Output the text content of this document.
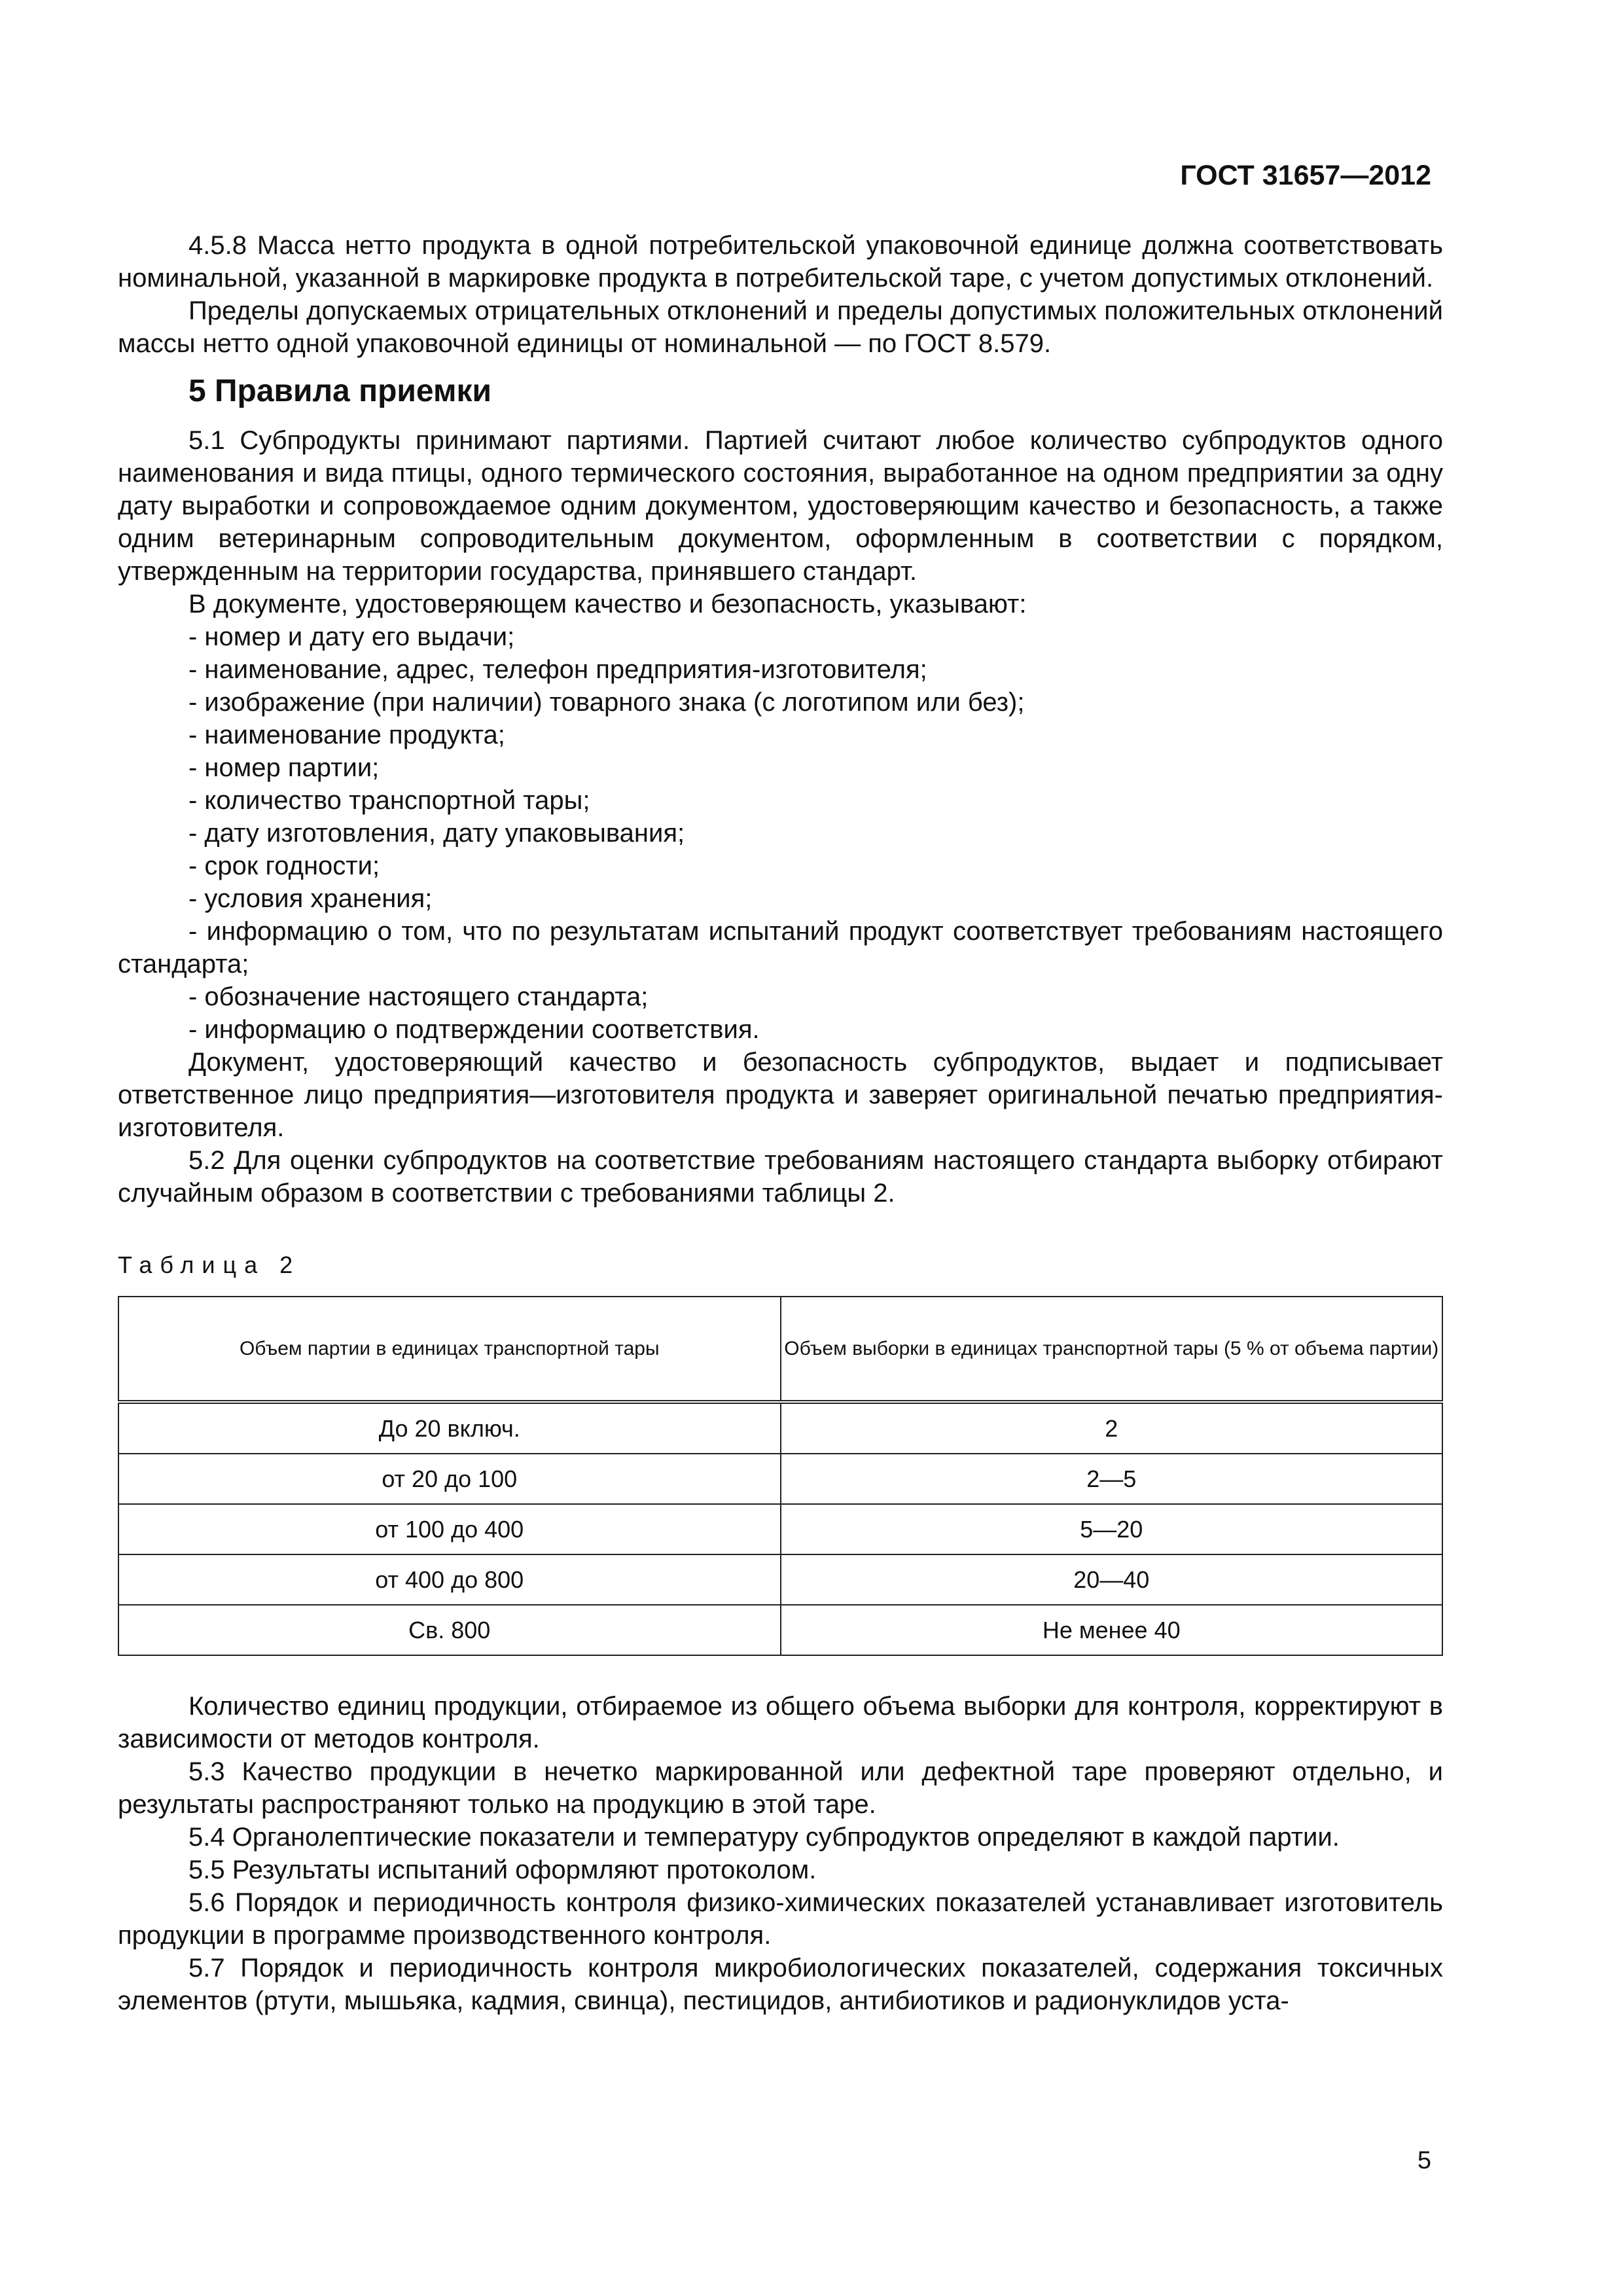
ГОСТ 31657—2012

4.5.8 Масса нетто продукта в одной потребительской упаковочной единице должна соответствовать номинальной, указанной в маркировке продукта в потребительской таре, с учетом допустимых отклонений.

Пределы допускаемых отрицательных отклонений и пределы допустимых положительных отклонений массы нетто одной упаковочной единицы от номинальной — по ГОСТ 8.579.

5 Правила приемки

5.1 Субпродукты принимают партиями. Партией считают любое количество субпродуктов одного наименования и вида птицы, одного термического состояния, выработанное на одном предприятии за одну дату выработки и сопровождаемое одним документом, удостоверяющим качество и безопасность, а также одним ветеринарным сопроводительным документом, оформленным в соответствии с порядком, утвержденным на территории государства, принявшего стандарт.

В документе, удостоверяющем качество и безопасность, указывают:

- номер и дату его выдачи;

- наименование, адрес, телефон предприятия-изготовителя;

- изображение (при наличии) товарного знака (с логотипом или без);

- наименование продукта;

- номер партии;

- количество транспортной тары;

- дату изготовления, дату упаковывания;

- срок годности;

- условия хранения;

- информацию о том, что по результатам испытаний продукт соответствует требованиям настоящего стандарта;

- обозначение настоящего стандарта;

- информацию о подтверждении соответствия.

Документ, удостоверяющий качество и безопасность субпродуктов, выдает и подписывает ответственное лицо предприятия—изготовителя продукта и заверяет оригинальной печатью предприятия-изготовителя.

5.2 Для оценки субпродуктов на соответствие требованиям настоящего стандарта выборку отбирают случайным образом в соответствии с требованиями таблицы 2.

Таблица 2
Объем партии в единицах транспортной тары	Объем выборки в единицах транспортной тары (5 % от объема партии)
До 20 включ.	2
от 20 до 100	2—5
от 100 до 400	5—20
от 400 до 800	20—40
Св. 800	Не менее 40

Количество единиц продукции, отбираемое из общего объема выборки для контроля, корректируют в зависимости от методов контроля.

5.3 Качество продукции в нечетко маркированной или дефектной таре проверяют отдельно, и результаты распространяют только на продукцию в этой таре.

5.4 Органолептические показатели и температуру субпродуктов определяют в каждой партии.

5.5 Результаты испытаний оформляют протоколом.

5.6 Порядок и периодичность контроля физико-химических показателей устанавливает изготовитель продукции в программе производственного контроля.

5.7 Порядок и периодичность контроля микробиологических показателей, содержания токсичных элементов (ртути, мышьяка, кадмия, свинца), пестицидов, антибиотиков и радионуклидов уста-

5
